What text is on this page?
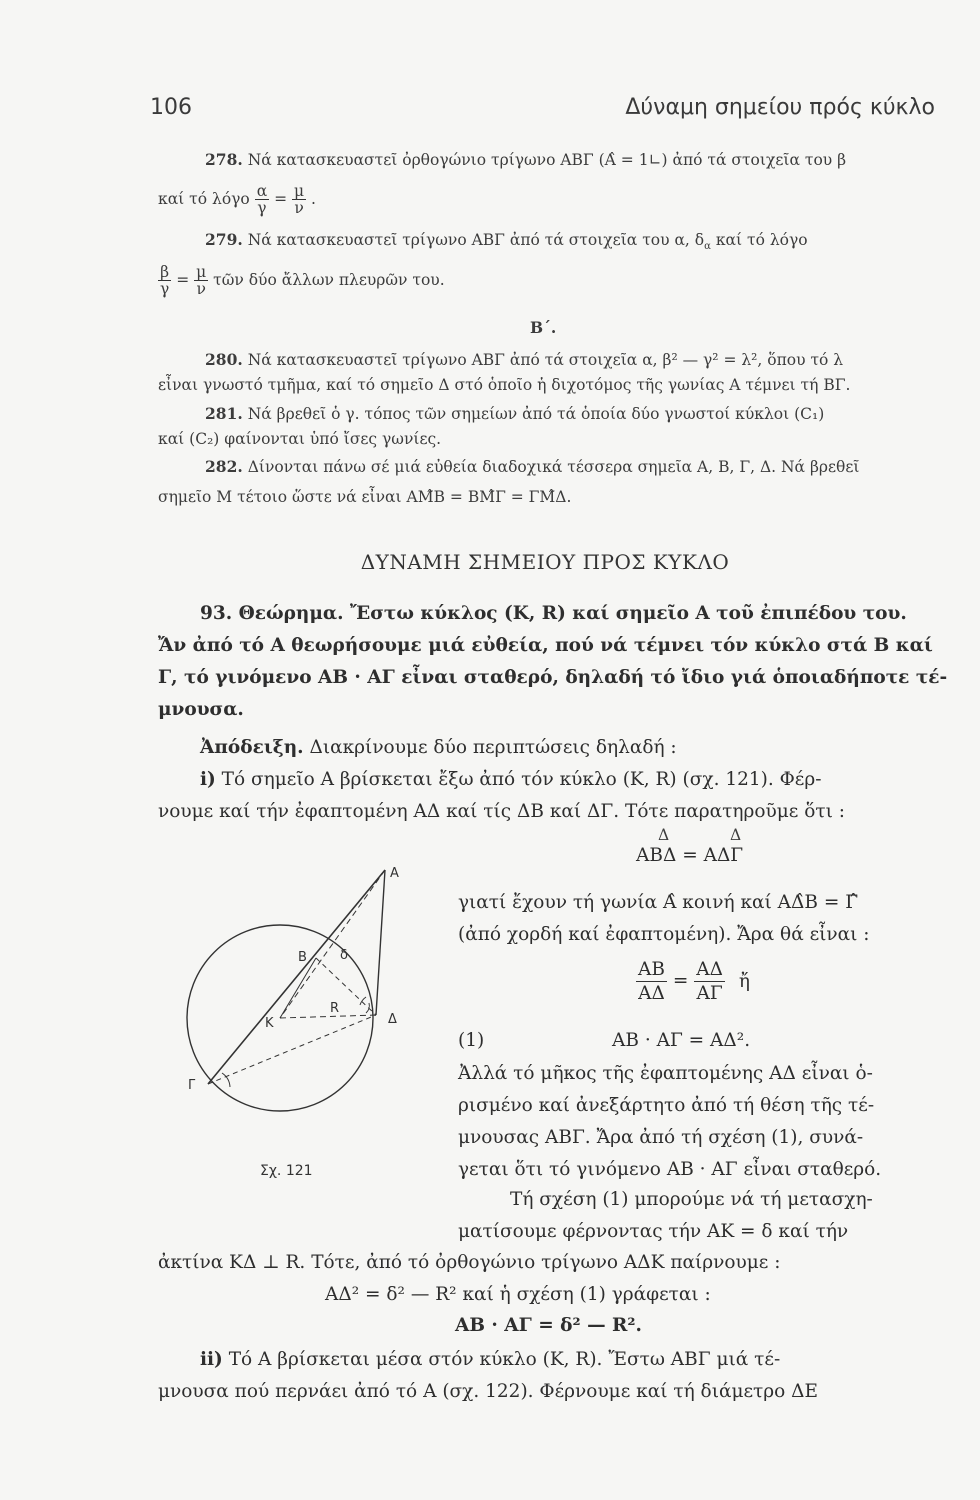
106	Δύναμη σημείου πρός κύκλο
278. Νά κατασκευαστεῖ ὀρθογώνιο τρίγωνο ΑΒΓ (Α̂ = 1∟) ἀπό τά στοιχεῖα του β
καί τό λόγο $\frac{\alpha}{\gamma} = \frac{\mu}{\nu}$ .
279. Νά κατασκευαστεῖ τρίγωνο ΑΒΓ ἀπό τά στοιχεῖα του α, $\delta_\alpha$ καί τό λόγο
$\frac{\beta}{\gamma} = \frac{\mu}{\nu}$ τῶν δύο ἄλλων πλευρῶν του.
Β΄.
280. Νά κατασκευαστεῖ τρίγωνο ΑΒΓ ἀπό τά στοιχεῖα α, β² — γ² = λ², ὅπου τό λ
εἶναι γνωστό τμῆμα, καί τό σημεῖο Δ στό ὁποῖο ἡ διχοτόμος τῆς γωνίας Α τέμνει τή ΒΓ.
281. Νά βρεθεῖ ὁ γ. τόπος τῶν σημείων ἀπό τά ὁποία δύο γνωστοί κύκλοι (C₁)
καί (C₂) φαίνονται ὑπό ἴσες γωνίες.
282. Δίνονται πάνω σέ μιά εὐθεία διαδοχικά τέσσερα σημεῖα Α, Β, Γ, Δ. Νά βρεθεῖ
σημεῖο Μ τέτοιο ὥστε νά εἶναι ΑΜ̂Β = ΒΜ̂Γ = ΓΜ̂Δ.
ΔΥΝΑΜΗ ΣΗΜΕΙΟΥ ΠΡΟΣ ΚΥΚΛΟ
93. Θεώρημα. Ἔστω κύκλος (Κ, R) καί σημεῖο Α τοῦ ἐπιπέδου του.
Ἄν ἀπό τό Α θεωρήσουμε μιά εὐθεία, πού νά τέμνει τόν κύκλο στά Β καί
Γ, τό γινόμενο ΑΒ · ΑΓ εἶναι σταθερό, δηλαδή τό ἴδιο γιά ὁποιαδήποτε τέ-
μνουσα.
Ἀπόδειξη. Διακρίνουμε δύο περιπτώσεις δηλαδή :
i) Τό σημεῖο Α βρίσκεται ἔξω ἀπό τόν κύκλο (Κ, R) (σχ. 121). Φέρ-
νουμε καί τήν ἐφαπτομένη ΑΔ καί τίς ΔΒ καί ΔΓ. Τότε παρατηροῦμε ὅτι :
Δ	Δ
ΑΒΔ = ΑΔΓ
γιατί ἔχουν τή γωνία Α̂ κοινή καί ΑΔ̂Β = Γ̂
(ἀπό χορδή καί ἐφαπτομένη). Ἄρα θά εἶναι :
$\frac{AB}{A\Delta} = \frac{A\Delta}{A\Gamma}$ ἤ
(1)	ΑΒ · ΑΓ = ΑΔ².
Ἀλλά τό μῆκος τῆς ἐφαπτομένης ΑΔ εἶναι ὁ-
ρισμένο καί ἀνεξάρτητο ἀπό τή θέση τῆς τέ-
μνουσας ΑΒΓ. Ἄρα ἀπό τή σχέση (1), συνά-
γεται ὅτι τό γινόμενο ΑΒ · ΑΓ εἶναι σταθερό.
Τή σχέση (1) μπορούμε νά τή μετασχη-
ματίσουμε φέρνοντας τήν ΑΚ = δ καί τήν
ἀκτίνα ΚΔ ⊥ R. Τότε, ἀπό τό ὀρθογώνιο τρίγωνο ΑΔΚ παίρνουμε :
ΑΔ² = δ² — R² καί ἡ σχέση (1) γράφεται :
ΑΒ · ΑΓ = δ² — R².
ii) Τό Α βρίσκεται μέσα στόν κύκλο (Κ, R). Ἔστω ΑΒΓ μιά τέ-
μνουσα πού περνάει ἀπό τό Α (σχ. 122). Φέρνουμε καί τή διάμετρο ΔΕ
Α
Β	δ
Δ
Κ
R
Γ
Σχ. 121
